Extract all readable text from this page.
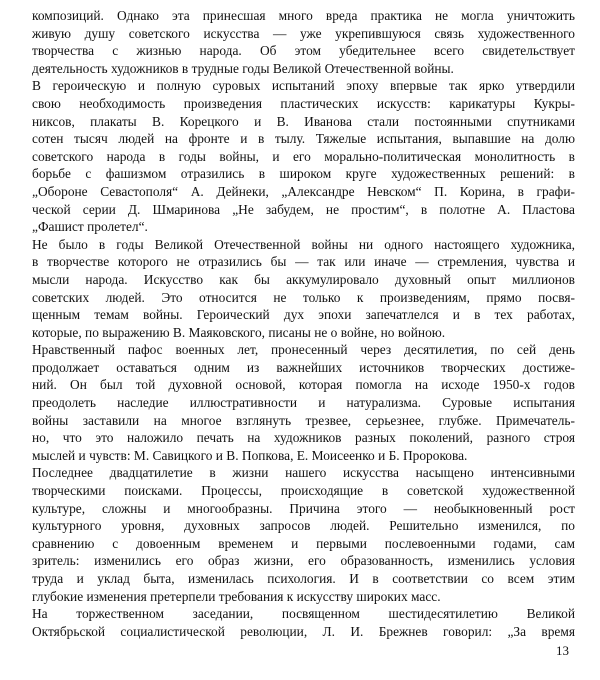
композиций. Однако эта принесшая много вреда практика не могла уничтожить
живую душу советского искусства — уже укрепившуюся связь художественного
творчества с жизнью народа. Об этом убедительнее всего свидетельствует
деятельность художников в трудные годы Великой Отечественной войны.
В героическую и полную суровых испытаний эпоху впервые так ярко утвердили
свою необходимость произведения пластических искусств: карикатуры Кукры-
никсов, плакаты В. Корецкого и В. Иванова стали постоянными спутниками
сотен тысяч людей на фронте и в тылу. Тяжелые испытания, выпавшие на долю
советского народа в годы войны, и его морально-политическая монолитность в
борьбе с фашизмом отразились в широком круге художественных решений: в
„Обороне Севастополя“ А. Дейнеки, „Александре Невском“ П. Корина, в графи-
ческой серии Д. Шмаринова „Не забудем, не простим“, в полотне А. Пластова
„Фашист пролетел“.
Не было в годы Великой Отечественной войны ни одного настоящего художника,
в творчестве которого не отразились бы — так или иначе — стремления, чувства и
мысли народа. Искусство как бы аккумулировало духовный опыт миллионов
советских людей. Это относится не только к произведениям, прямо посвя-
щенным темам войны. Героический дух эпохи запечатлелся и в тех работах,
которые, по выражению В. Маяковского, писаны не о войне, но войною.
Нравственный пафос военных лет, пронесенный через десятилетия, по сей день
продолжает оставаться одним из важнейших источников творческих достиже-
ний. Он был той духовной основой, которая помогла на исходе 1950-х годов
преодолеть наследие иллюстративности и натурализма. Суровые испытания
войны заставили на многое взглянуть трезвее, серьезнее, глубже. Примечатель-
но, что это наложило печать на художников разных поколений, разного строя
мыслей и чувств: М. Савицкого и В. Попкова, Е. Моисеенко и Б. Пророкова.
Последнее двадцатилетие в жизни нашего искусства насыщено интенсивными
творческими поисками. Процессы, происходящие в советской художественной
культуре, сложны и многообразны. Причина этого — необыкновенный рост
культурного уровня, духовных запросов людей. Решительно изменился, по
сравнению с довоенным временем и первыми послевоенными годами, сам
зритель: изменились его образ жизни, его образованность, изменились условия
труда и уклад быта, изменилась психология. И в соответствии со всем этим
глубокие изменения претерпели требования к искусству широких масс.
На торжественном заседании, посвященном шестидесятилетию Великой
Октябрьской социалистической революции, Л. И. Брежнев говорил: „За время
13
